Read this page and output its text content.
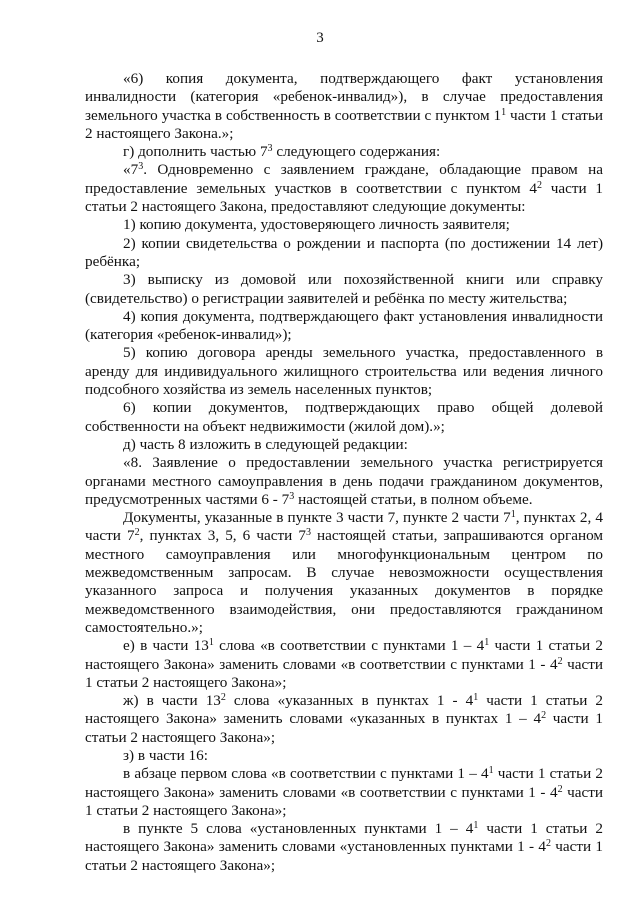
3

«6) копия документа, подтверждающего факт установления инвалидности (категория «ребенок-инвалид»), в случае предоставления земельного участка в собственность в соответствии с пунктом $1^1$ части 1 статьи 2 настоящего Закона.»;

г) дополнить частью $7^3$ следующего содержания:

«$7^3$. Одновременно с заявлением граждане, обладающие правом на предоставление земельных участков в соответствии с пунктом $4^2$ части 1 статьи 2 настоящего Закона, предоставляют следующие документы:

1) копию документа, удостоверяющего личность заявителя;

2) копии свидетельства о рождении и паспорта (по достижении 14 лет) ребёнка;

3) выписку из домовой или похозяйственной книги или справку (свидетельство) о регистрации заявителей и ребёнка по месту жительства;

4) копия документа, подтверждающего факт установления инвалидности (категория «ребенок-инвалид»);

5) копию договора аренды земельного участка, предоставленного в аренду для индивидуального жилищного строительства или ведения личного подсобного хозяйства из земель населенных пунктов;

6) копии документов, подтверждающих право общей долевой собственности на объект недвижимости (жилой дом).»;

д) часть 8 изложить в следующей редакции:

«8. Заявление о предоставлении земельного участка регистрируется органами местного самоуправления в день подачи гражданином документов, предусмотренных частями $6 - 7^3$ настоящей статьи, в полном объеме.

Документы, указанные в пункте 3 части 7, пункте 2 части $7^1$, пунктах 2, 4 части $7^2$, пунктах 3, 5, 6 части $7^3$ настоящей статьи, запрашиваются органом местного самоуправления или многофункциональным центром по межведомственным запросам. В случае невозможности осуществления указанного запроса и получения указанных документов в порядке межведомственного взаимодействия, они предоставляются гражданином самостоятельно.»;

е) в части $13^1$ слова «в соответствии с пунктами $1 - 4^1$ части 1 статьи 2 настоящего Закона» заменить словами «в соответствии с пунктами $1 - 4^2$ части 1 статьи 2 настоящего Закона»;

ж) в части $13^2$ слова «указанных в пунктах $1 - 4^1$ части 1 статьи 2 настоящего Закона» заменить словами «указанных в пунктах $1 - 4^2$ части 1 статьи 2 настоящего Закона»;

з) в части 16:

в абзаце первом слова «в соответствии с пунктами $1 - 4^1$ части 1 статьи 2 настоящего Закона» заменить словами «в соответствии с пунктами $1 - 4^2$ части 1 статьи 2 настоящего Закона»;

в пункте 5 слова «установленных пунктами $1 - 4^1$ части 1 статьи 2 настоящего Закона» заменить словами «установленных пунктами $1 - 4^2$ части 1 статьи 2 настоящего Закона»;
